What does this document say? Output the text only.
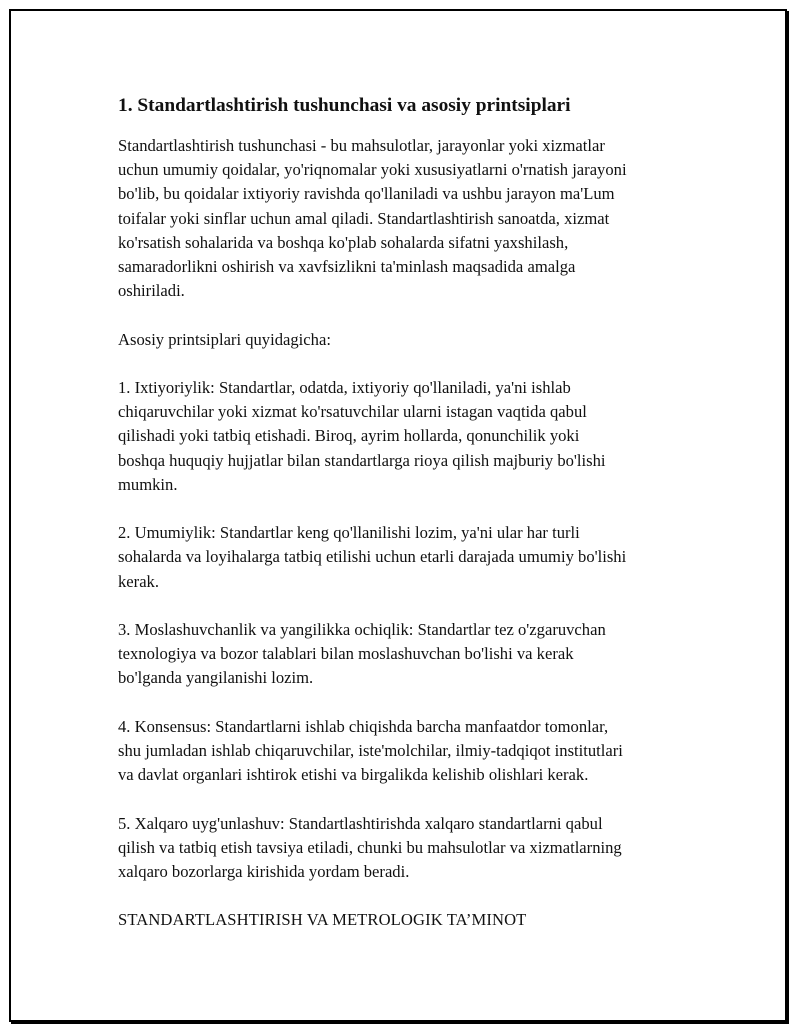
1. Standartlashtirish tushunchasi va asosiy printsiplari

Standartlashtirish tushunchasi - bu mahsulotlar, jarayonlar yoki xizmatlar
uchun umumiy qoidalar, yo'riqnomalar yoki xususiyatlarni o'rnatish jarayoni
bo'lib, bu qoidalar ixtiyoriy ravishda qo'llaniladi va ushbu jarayon ma'Lum
toifalar yoki sinflar uchun amal qiladi. Standartlashtirish sanoatda, xizmat
ko'rsatish sohalarida va boshqa ko'plab sohalarda sifatni yaxshilash,
samaradorlikni oshirish va xavfsizlikni ta'minlash maqsadida amalga
oshiriladi.

Asosiy printsiplari quyidagicha:

1. Ixtiyoriylik: Standartlar, odatda, ixtiyoriy qo'llaniladi, ya'ni ishlab
chiqaruvchilar yoki xizmat ko'rsatuvchilar ularni istagan vaqtida qabul
qilishadi yoki tatbiq etishadi. Biroq, ayrim hollarda, qonunchilik yoki
boshqa huquqiy hujjatlar bilan standartlarga rioya qilish majburiy bo'lishi
mumkin.

2. Umumiylik: Standartlar keng qo'llanilishi lozim, ya'ni ular har turli
sohalarda va loyihalarga tatbiq etilishi uchun etarli darajada umumiy bo'lishi
kerak.

3. Moslashuvchanlik va yangilikka ochiqlik: Standartlar tez o'zgaruvchan
texnologiya va bozor talablari bilan moslashuvchan bo'lishi va kerak
bo'lganda yangilanishi lozim.

4. Konsensus: Standartlarni ishlab chiqishda barcha manfaatdor tomonlar,
shu jumladan ishlab chiqaruvchilar, iste'molchilar, ilmiy-tadqiqot institutlari
va davlat organlari ishtirok etishi va birgalikda kelishib olishlari kerak.

5. Xalqaro uyg'unlashuv: Standartlashtirishda xalqaro standartlarni qabul
qilish va tatbiq etish tavsiya etiladi, chunki bu mahsulotlar va xizmatlarning
xalqaro bozorlarga kirishida yordam beradi.

STANDARTLASHTIRISH VA METROLOGIK TA’MINOT
